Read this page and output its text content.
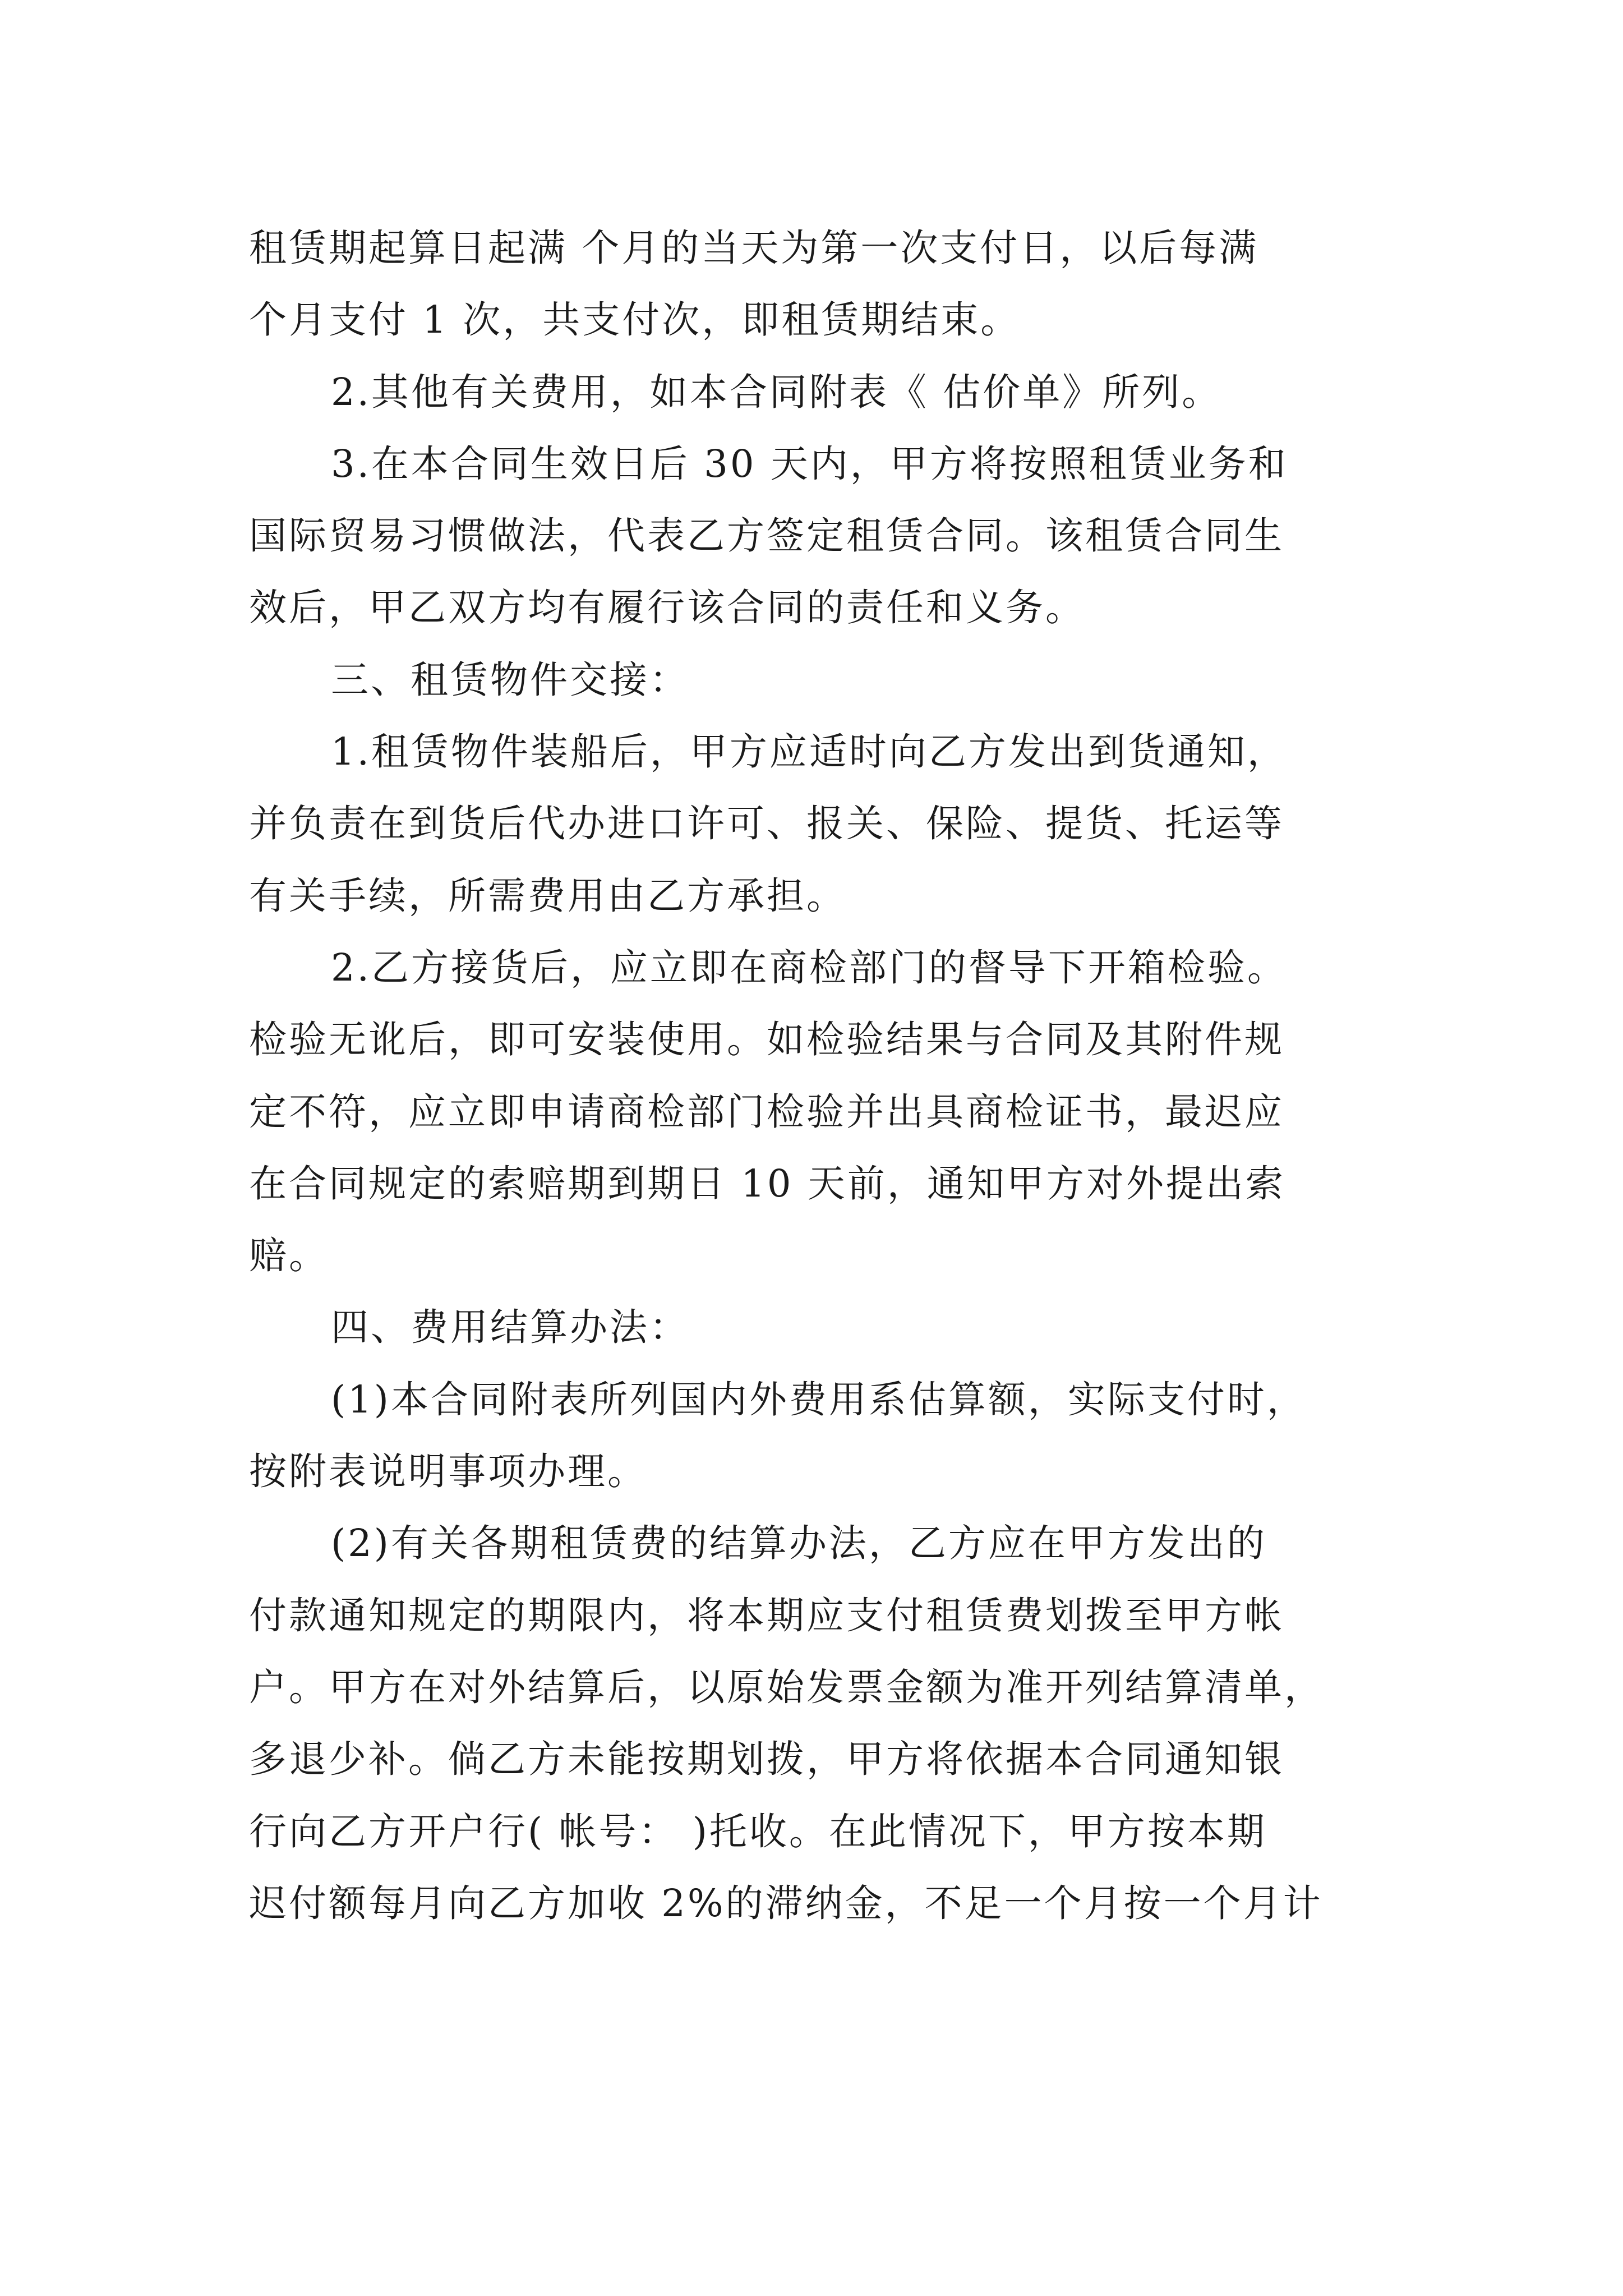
租赁期起算日起满 个月的当天为第一次支付日，以后每满
个月支付 1 次，共支付次，即租赁期结束。
2.其他有关费用，如本合同附表《 估价单》所列。
3.在本合同生效日后 30 天内，甲方将按照租赁业务和
国际贸易习惯做法，代表乙方签定租赁合同。该租赁合同生
效后，甲乙双方均有履行该合同的责任和义务。
三、租赁物件交接：
1.租赁物件装船后，甲方应适时向乙方发出到货通知，
并负责在到货后代办进口许可、报关、保险、提货、托运等
有关手续，所需费用由乙方承担。
2.乙方接货后，应立即在商检部门的督导下开箱检验。
检验无讹后，即可安装使用。如检验结果与合同及其附件规
定不符，应立即申请商检部门检验并出具商检证书，最迟应
在合同规定的索赔期到期日 10 天前，通知甲方对外提出索
赔。
四、费用结算办法：
(1)本合同附表所列国内外费用系估算额，实际支付时，
按附表说明事项办理。
(2)有关各期租赁费的结算办法，乙方应在甲方发出的
付款通知规定的期限内，将本期应支付租赁费划拨至甲方帐
户。甲方在对外结算后，以原始发票金额为准开列结算清单，
多退少补。倘乙方未能按期划拨，甲方将依据本合同通知银
行向乙方开户行( 帐号： )托收。在此情况下，甲方按本期
迟付额每月向乙方加收 2%的滞纳金，不足一个月按一个月计
